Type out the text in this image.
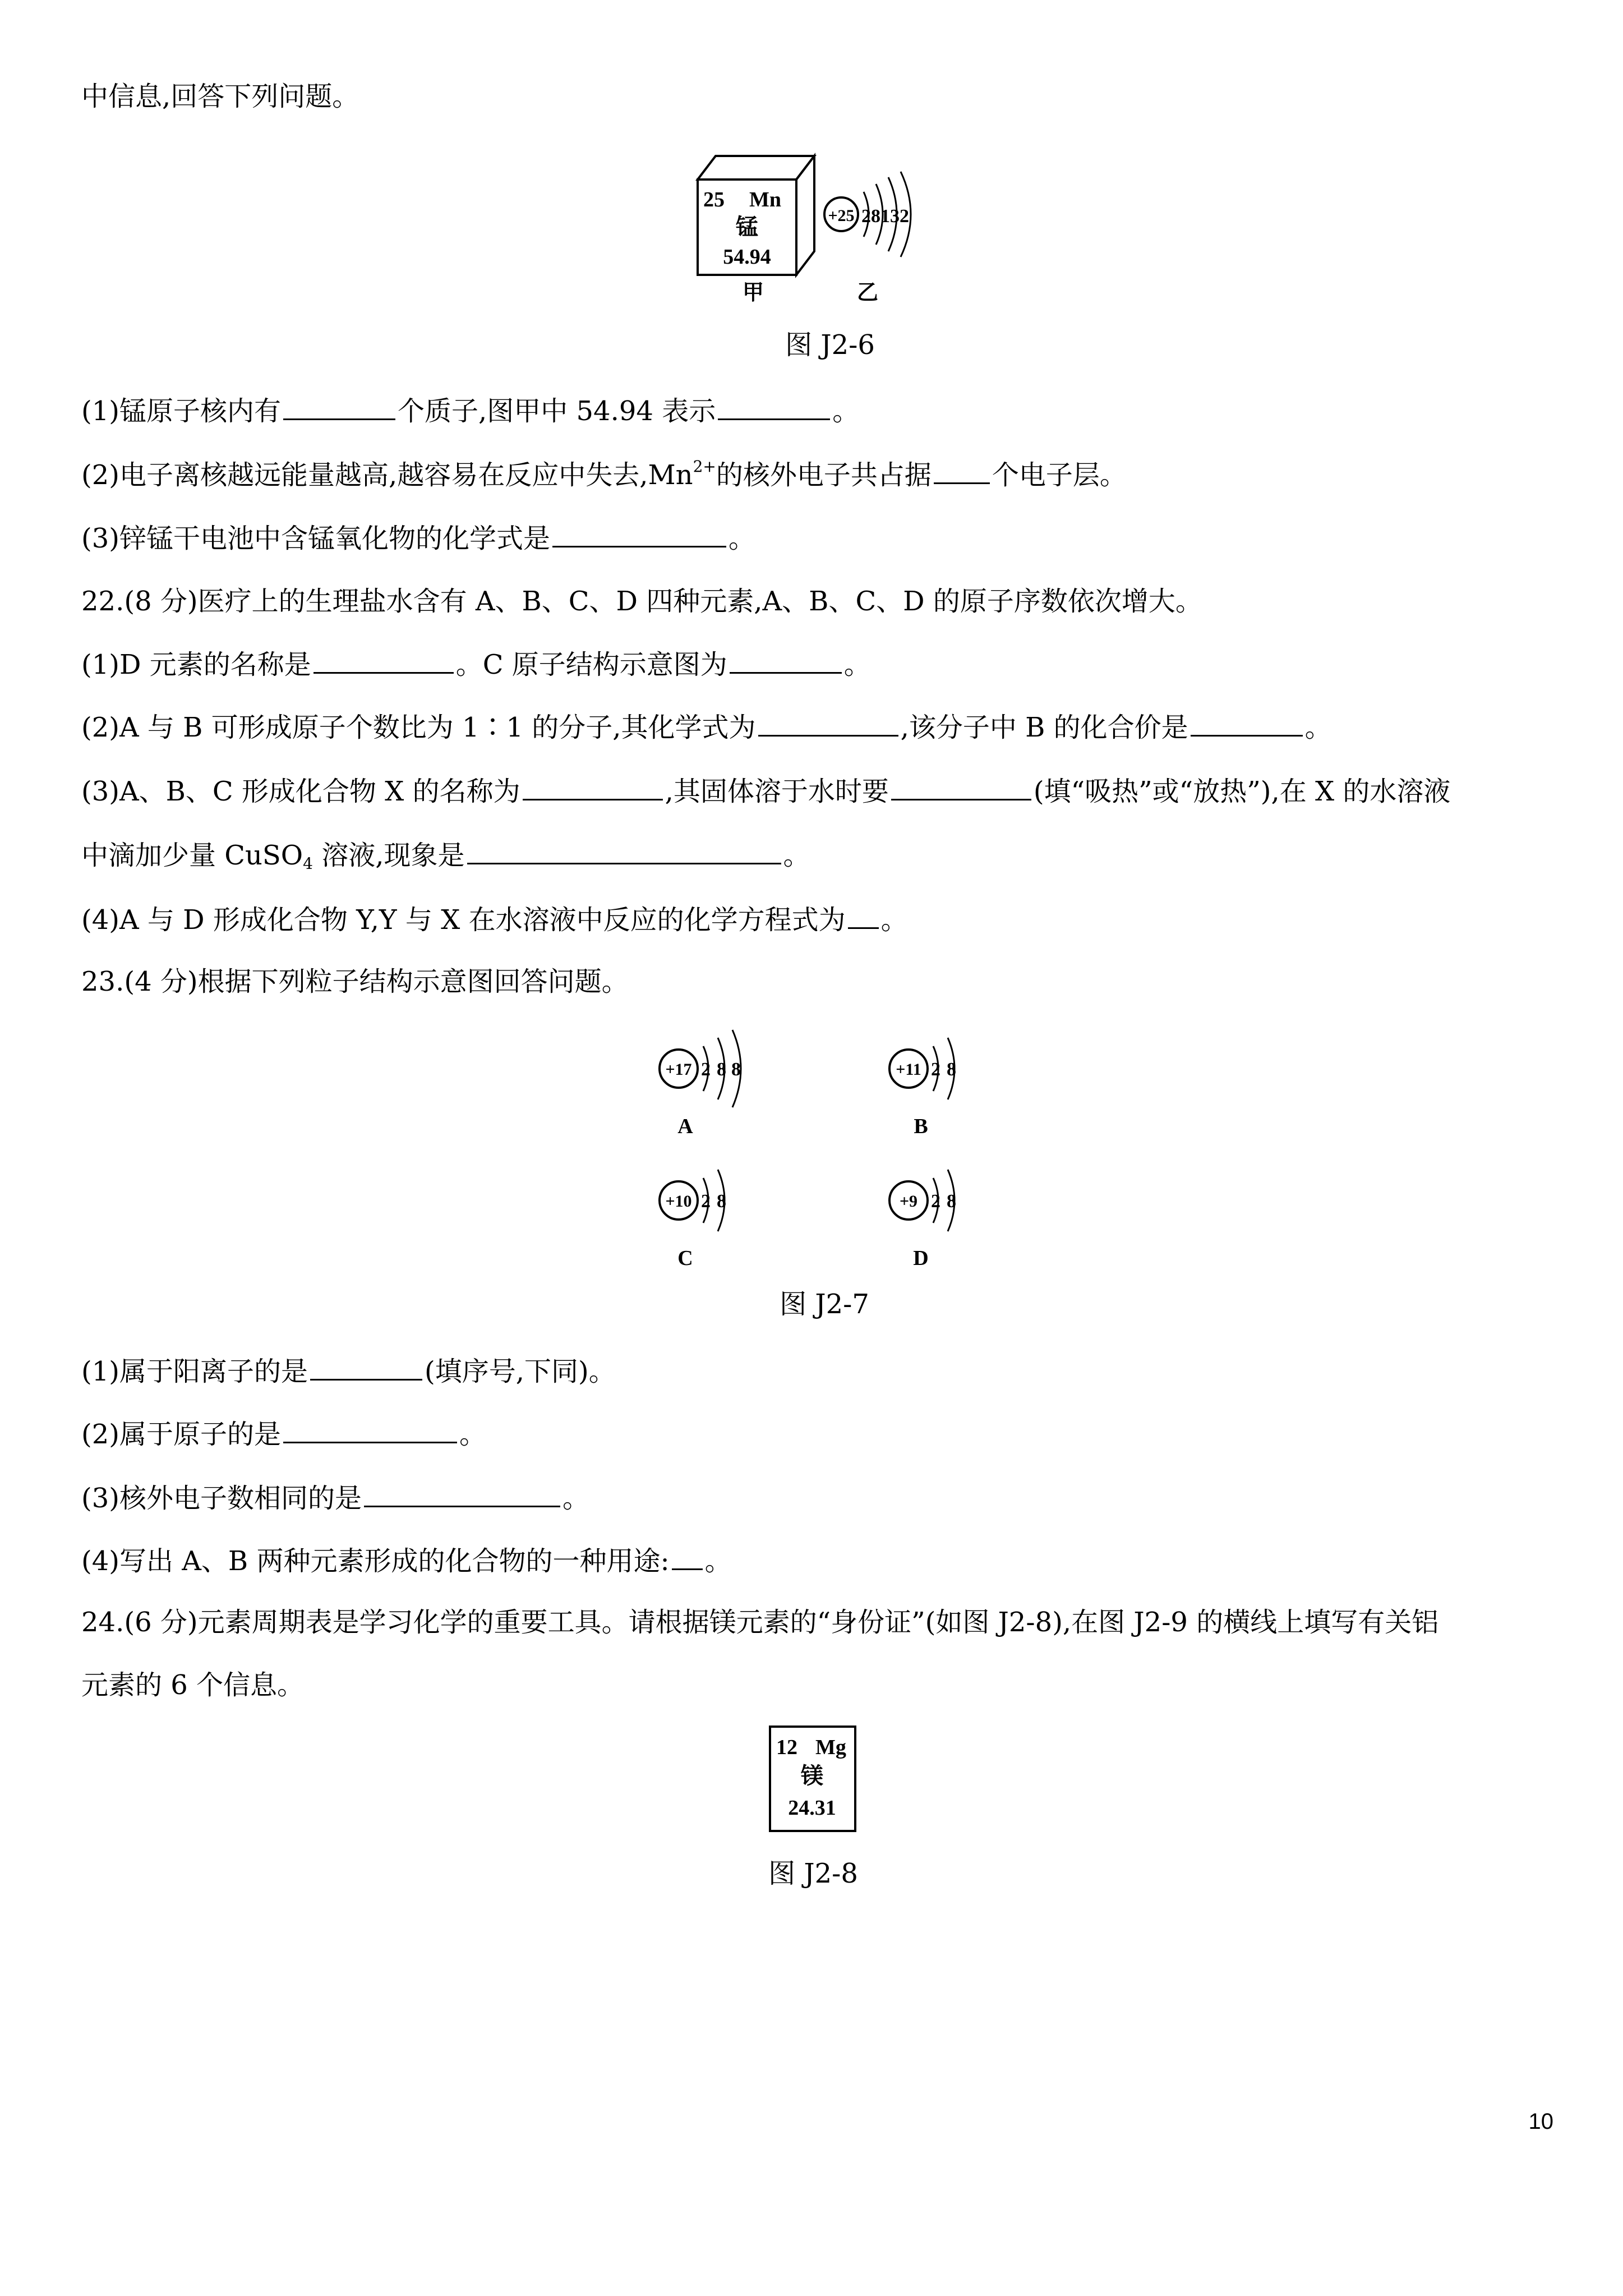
中信息,回答下列问题。
25 Mn
锰
54.94
+25 28132
甲	乙
图 J2-6
(1)锰原子核内有	个质子,图甲中 54.94 表示	。
(2)电子离核越远能量越高,越容易在反应中失去$,Mn^{2+}$的核外电子共占据 个电子层。
(3)锌锰干电池中含锰氧化物的化学式是	。
22.(8 分)医疗上的生理盐水含有 A、B、C、D 四种元素,A、B、C、D 的原子序数依次增大。
(1)D 元素的名称是	。C 原子结构示意图为	。
(2)A 与 B 可形成原子个数比为 1∶1 的分子,其化学式为	,该分子中 B 的化合价是	。
(3)A、B、C 形成化合物 X 的名称为	,其固体溶于水时要	(填“吸热”或“放热”),在 X 的水溶液
中滴加少量 CuSO$_4$ 溶液,现象是	。
(4)A 与 D 形成化合物 Y,Y 与 X 在水溶液中反应的化学方程式为 。
23.(4 分)根据下列粒子结构示意图回答问题。
+17 2 8 8
A
+11 2 8
B
+10 2 8
C
+9 2 8
D
图 J2-7
(1)属于阳离子的是	(填序号,下同)。
(2)属于原子的是	。
(3)核外电子数相同的是	。
(4)写出 A、B 两种元素形成的化合物的一种用途: 。
24.(6 分)元素周期表是学习化学的重要工具。请根据镁元素的“身份证”(如图 J2-8),在图 J2-9 的横线上填写有关铝
元素的 6 个信息。
12 Mg
镁
24.31
图 J2-8
10
